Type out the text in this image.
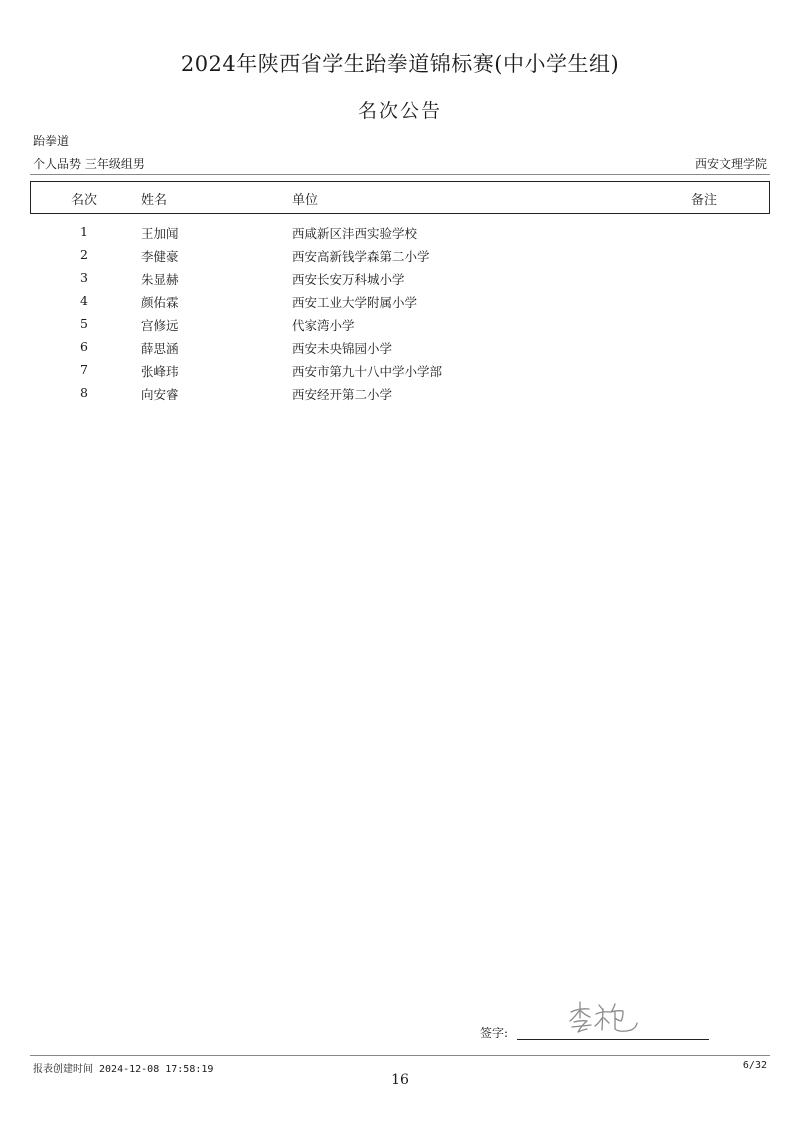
2024年陕西省学生跆拳道锦标赛(中小学生组)
名次公告
跆拳道
个人品势 三年级组男	西安文理学院
名次	姓名	单位	备注
1	王加闻	西咸新区沣西实验学校
2	李健豪	西安高新钱学森第二小学
3	朱显赫	西安长安万科城小学
4	颜佑霖	西安工业大学附属小学
5	宫修远	代家湾小学
6	薛思涵	西安未央锦园小学
7	张峰玮	西安市第九十八中学小学部
8	向安睿	西安经开第二小学
签字:
报表创建时间 2024-12-08 17:58:19	6/32
16
